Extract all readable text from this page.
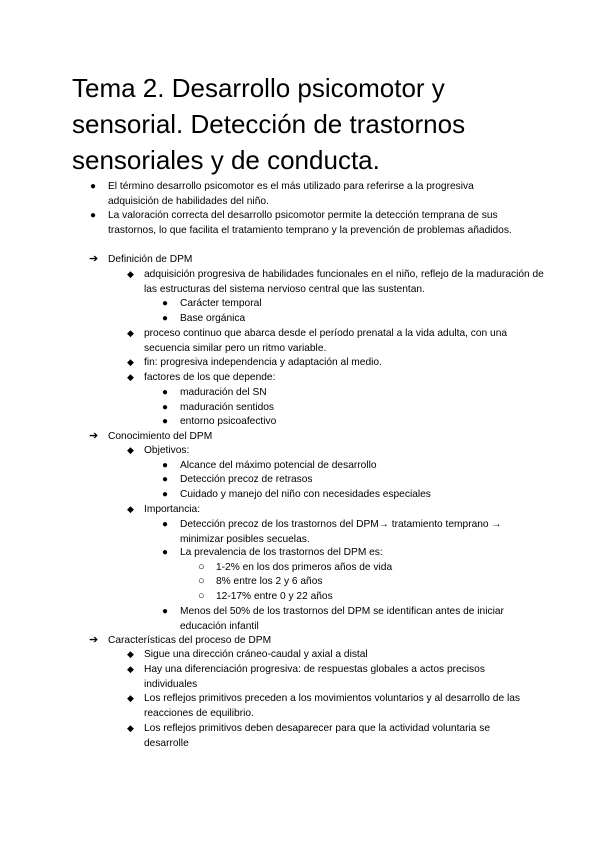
Tema 2. Desarrollo psicomotor y sensorial. Detección de trastornos sensoriales y de conducta.
● El término desarrollo psicomotor es el más utilizado para referirse a la progresiva adquisición de habilidades del niño.
● La valoración correcta del desarrollo psicomotor permite la detección temprana de sus trastornos, lo que facilita el tratamiento temprano y la prevención de problemas añadidos.
➔ Definición de DPM
◆ adquisición progresiva de habilidades funcionales en el niño, reflejo de la maduración de las estructuras del sistema nervioso central que las sustentan.
● Carácter temporal
● Base orgánica
◆ proceso continuo que abarca desde el período prenatal a la vida adulta, con una secuencia similar pero un ritmo variable.
◆ fin: progresiva independencia y adaptación al medio.
◆ factores de los que depende:
● maduración del SN
● maduración sentidos
● entorno psicoafectivo
➔ Conocimiento del DPM
◆ Objetivos:
● Alcance del máximo potencial de desarrollo
● Detección precoz de retrasos
● Cuidado y manejo del niño con necesidades especiales
◆ Importancia:
● Detección precoz de los trastornos del DPM→ tratamiento temprano → minimizar posibles secuelas.
● La prevalencia de los trastornos del DPM es:
○ 1-2% en los dos primeros años de vida
○ 8% entre los 2 y 6 años
○ 12-17% entre 0 y 22 años
● Menos del 50% de los trastornos del DPM se identifican antes de iniciar educación infantil
➔ Características del proceso de DPM
◆ Sigue una dirección cráneo-caudal y axial a distal
◆ Hay una diferenciación progresiva: de respuestas globales a actos precisos individuales
◆ Los reflejos primitivos preceden a los movimientos voluntarios y al desarrollo de las reacciones de equilibrio.
◆ Los reflejos primitivos deben desaparecer para que la actividad voluntaria se desarrolle
